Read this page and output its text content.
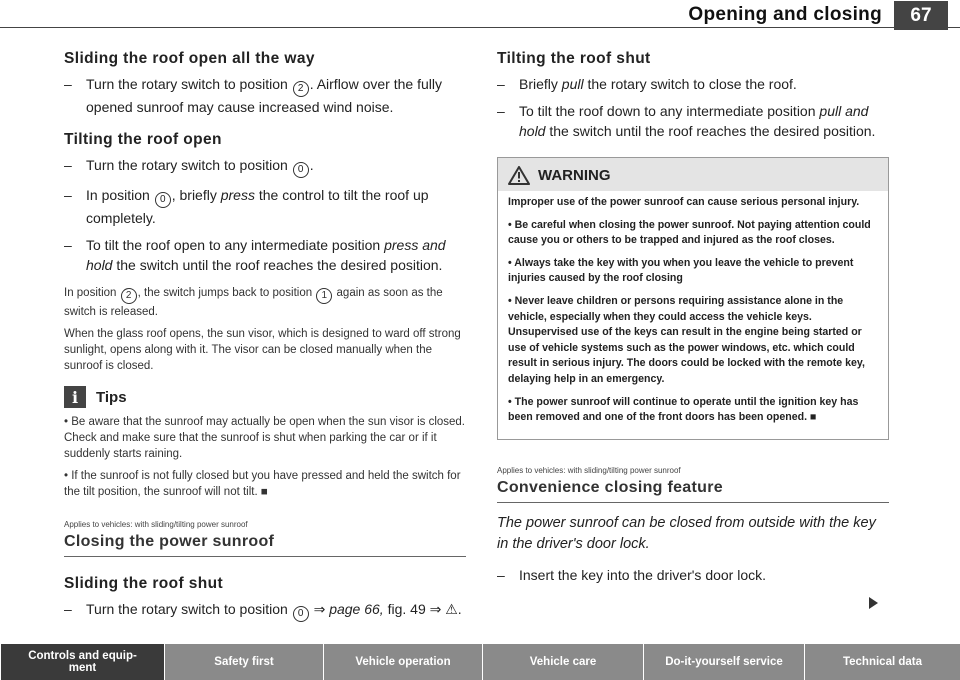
Opening and closing	67
Sliding the roof open all the way

– Turn the rotary switch to position 2 . Airflow over the fully opened sunroof may cause increased wind noise.

Tilting the roof open

– Turn the rotary switch to position 0 .

– In position 0 , briefly press the control to tilt the roof up completely.

– To tilt the roof open to any intermediate position press and hold the switch until the roof reaches the desired position.

In position 2 , the switch jumps back to position 1 again as soon as the switch is released.

When the glass roof opens, the sun visor, which is designed to ward off strong sunlight, opens along with it. The visor can be closed manually when the sunroof is closed.

i	Tips

• Be aware that the sunroof may actually be open when the sun visor is closed. Check and make sure that the sunroof is shut when parking the car or if it suddenly starts raining.

• If the sunroof is not fully closed but you have pressed and held the switch for the tilt position, the sunroof will not tilt. ■

Applies to vehicles: with sliding/tilting power sunroof
Closing the power sunroof
Sliding the roof shut

– Turn the rotary switch to position 0 ⇒ page 66, fig. 49 ⇒ ⚠.

Tilting the roof shut

– Briefly pull the rotary switch to close the roof.

– To tilt the roof down to any intermediate position pull and hold the switch until the roof reaches the desired position.

WARNING

Improper use of the power sunroof can cause serious personal injury.

• Be careful when closing the power sunroof. Not paying attention could cause you or others to be trapped and injured as the roof closes.

• Always take the key with you when you leave the vehicle to prevent injuries caused by the roof closing

• Never leave children or persons requiring assistance alone in the vehicle, especially when they could access the vehicle keys. Unsupervised use of the keys can result in the engine being started or use of vehicle systems such as the power windows, etc. which could result in serious injury. The doors could be locked with the remote key, delaying help in an emergency.

• The power sunroof will continue to operate until the ignition key has been removed and one of the front doors has been opened. ■

Applies to vehicles: with sliding/tilting power sunroof
Convenience closing feature

The power sunroof can be closed from outside with the key in the driver's door lock.

– Insert the key into the driver's door lock.

Controls and equip-
ment	Safety first	Vehicle operation	Vehicle care	Do-it-yourself service	Technical data
